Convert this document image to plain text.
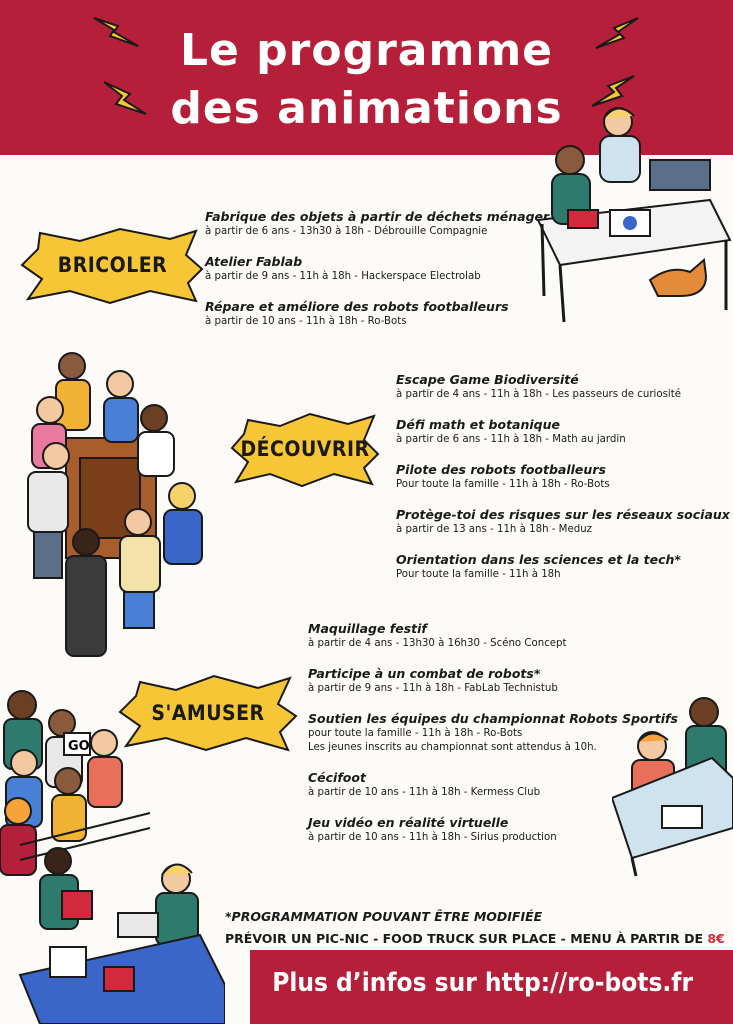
Le programme
des animations
BRICOLER
DÉCOUVRIR
S'AMUSER
Fabrique des objets à partir de déchets ménager
à partir de 6 ans - 13h30 à 18h - Débrouille Compagnie
Atelier Fablab
à partir de 9 ans - 11h à 18h - Hackerspace Electrolab
Répare et améliore des robots footballeurs
à partir de 10 ans - 11h à 18h - Ro-Bots
Escape Game Biodiversité
à partir de 4 ans - 11h à 18h - Les passeurs de curiosité
Défi math et botanique
à partir de 6 ans - 11h à 18h - Math au jardin
Pilote des robots footballeurs
Pour toute la famille - 11h à 18h - Ro-Bots
Protège-toi des risques sur les réseaux sociaux
à partir de 13 ans - 11h à 18h - Meduz
Orientation dans les sciences et la tech*
Pour toute la famille - 11h à 18h
Maquillage festif
à partir de 4 ans - 13h30 à 16h30 - Scéno Concept
Participe à un combat de robots*
à partir de 9 ans - 11h à 18h - FabLab Technistub
Soutien les équipes du championnat Robots Sportifs
pour toute la famille - 11h à 18h - Ro-Bots
Les jeunes inscrits au championnat sont attendus à 10h.
Cécifoot
à partir de 10 ans - 11h à 18h - Kermess Club
Jeu vidéo en réalité virtuelle
à partir de 10 ans - 11h à 18h - Sirius production
GO
*PROGRAMMATION POUVANT ÊTRE MODIFIÉE
PRÉVOIR UN PIC-NIC - FOOD TRUCK SUR PLACE - MENU À PARTIR DE 8€
Plus d’infos sur http://ro-bots.fr
